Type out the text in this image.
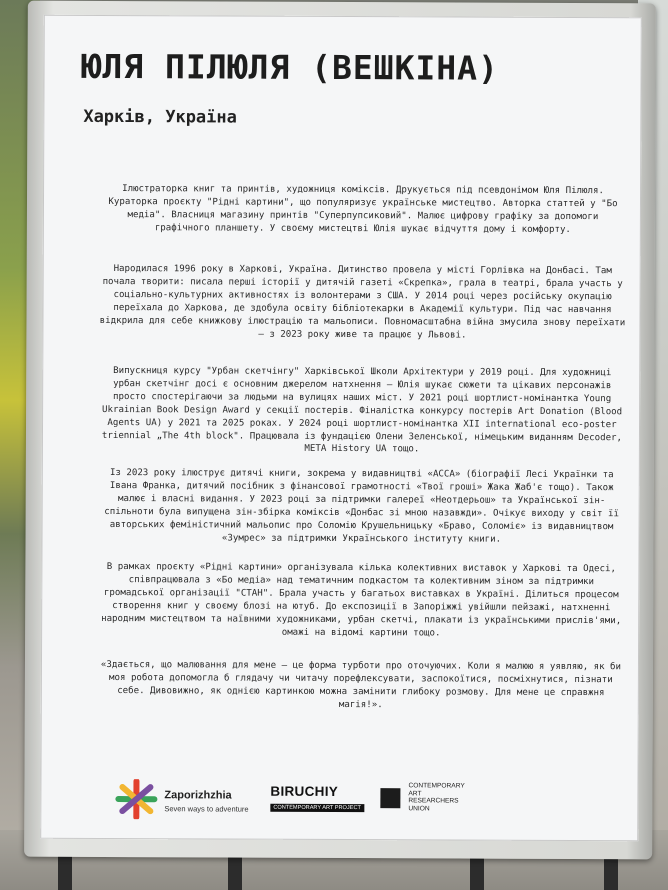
ЮЛЯ ПІЛЮЛЯ (ВЕШКІНА)
Харків, Україна
Ілюстраторка книг та принтів, художниця коміксів. Друкується під псевдонімом Юля Пілюля. Кураторка проєкту "Рідні картини", що популяризує українське мистецтво. Авторка статтей у "Бо медіа". Власниця магазину принтів "Суперпупсиковий". Малює цифрову графіку за допомоги графічного планшету. У своєму мистецтві Юлія шукає відчуття дому і комфорту.
Народилася 1996 року в Харкові, Україна. Дитинство провела у місті Горлівка на Донбасі. Там почала творити: писала перші історії у дитячій газеті «Скрепка», грала в театрі, брала участь у соціально-культурних активностях із волонтерами з США. У 2014 році через російську окупацію переїхала до Харкова, де здобула освіту бібліотекарки в Академії культури. Під час навчання відкрила для себе книжкову ілюстрацію та мальописи. Повномасштабна війна змусила знову переїхати — з 2023 року живе та працює у Львові.
Випускниця курсу "Урбан скетчінгу" Харківської Школи Архітектури у 2019 році. Для художниці урбан скетчінг досі є основним джерелом натхнення — Юлія шукає сюжети та цікавих персонажів просто спостерігаючи за людьми на вулицях наших міст. У 2021 році шортлист-номінантка Young Ukrainian Book Design Award у секції постерів. Фіналістка конкурсу постерів Art Donation (Blood Agents UA) у 2021 та 2025 роках. У 2024 році шортлист-номінантка XII international eco-poster triennial „The 4th block". Працювала із фундацією Олени Зеленської, німецьким виданням Decoder, META History UA тощо.
Із 2023 року ілюструє дитячі книги, зокрема у видавництві «АССА» (біографії Лесі Українки та Івана Франка, дитячий посібник з фінансової грамотності «Твої гроші» Жака Жаб'є тощо). Також малює і власні видання. У 2023 році за підтримки галереї «Неотдерьош» та Української зін-спільноти була випущена зін-збірка коміксів «Донбас зі мною назавжди». Очікує виходу у світ її авторських феміністичний мальопис про Соломію Крушельницьку «Браво, Соломіє» із видавництвом «Зумрес» за підтримки Українського інституту книги.
В рамках проєкту «Рідні картини» організувала кілька колективних виставок у Харкові та Одесі, співпрацювала з «Бо медіа» над тематичним подкастом та колективним зіном за підтримки громадської організації "СТАН". Брала участь у багатьох виставках в Україні. Ділиться процесом створення книг у своєму блозі на ютуб. До експозиції в Запоріжжі увійшли пейзажі, натхненні народним мистецтвом та наївними художниками, урбан скетчі, плакати із українськими прислів'ями, омажі на відомі картини тощо.
«Здається, що малювання для мене — це форма турботи про оточуючих. Коли я малюю я уявляю, як би моя робота допомогла б глядачу чи читачу порефлексувати, заспокоїтися, посміхнутися, пізнати себе. Дивовижно, як однією картинкою можна замінити глибоку розмову. Для мене це справжня магія!».
Zaporizhzhia
Seven ways to adventure
BIRUCHIY
CONTEMPORARY ART PROJECT
CONTEMPORARY
ART
RESEARCHERS
UNION
